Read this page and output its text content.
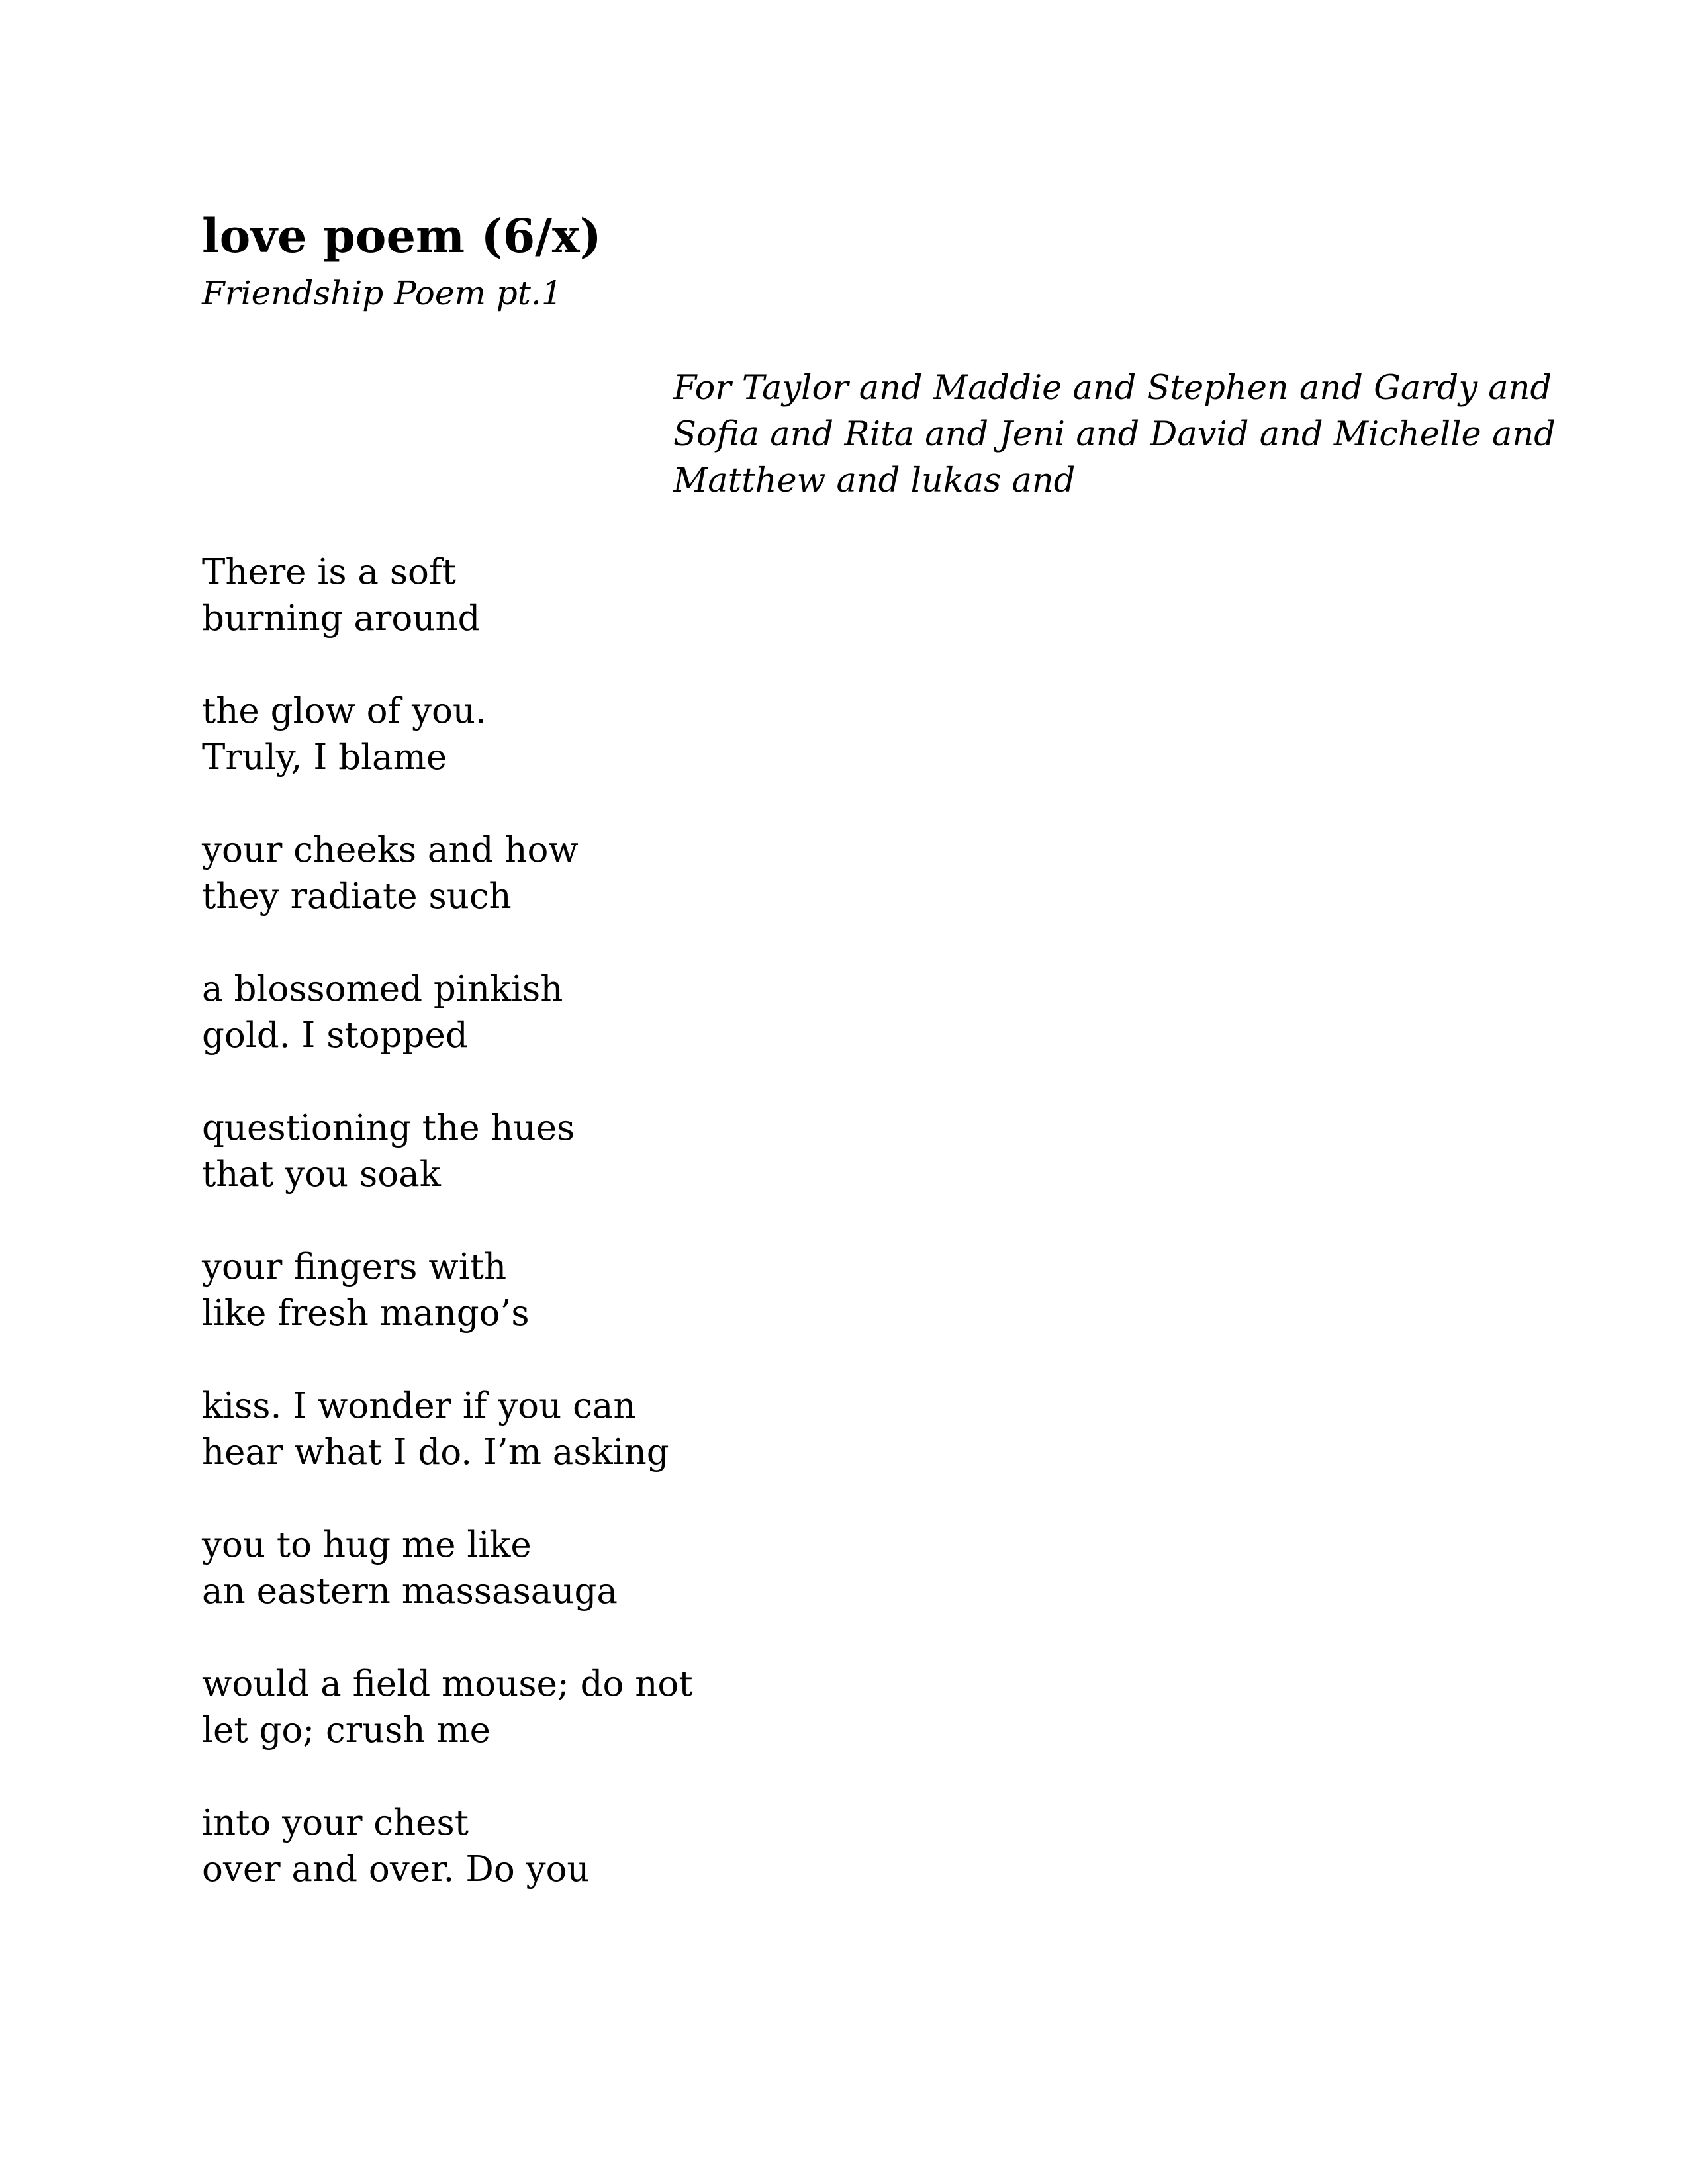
love poem (6/x)
Friendship Poem pt.1
For Taylor and Maddie and Stephen and Gardy and
Sofia and Rita and Jeni and David and Michelle and
Matthew and lukas and
There is a soft
burning around
the glow of you.
Truly, I blame
your cheeks and how
they radiate such
a blossomed pinkish
gold. I stopped
questioning the hues
that you soak
your fingers with
like fresh mango’s
kiss. I wonder if you can
hear what I do. I’m asking
you to hug me like
an eastern massasauga
would a field mouse; do not
let go; crush me
into your chest
over and over. Do you
